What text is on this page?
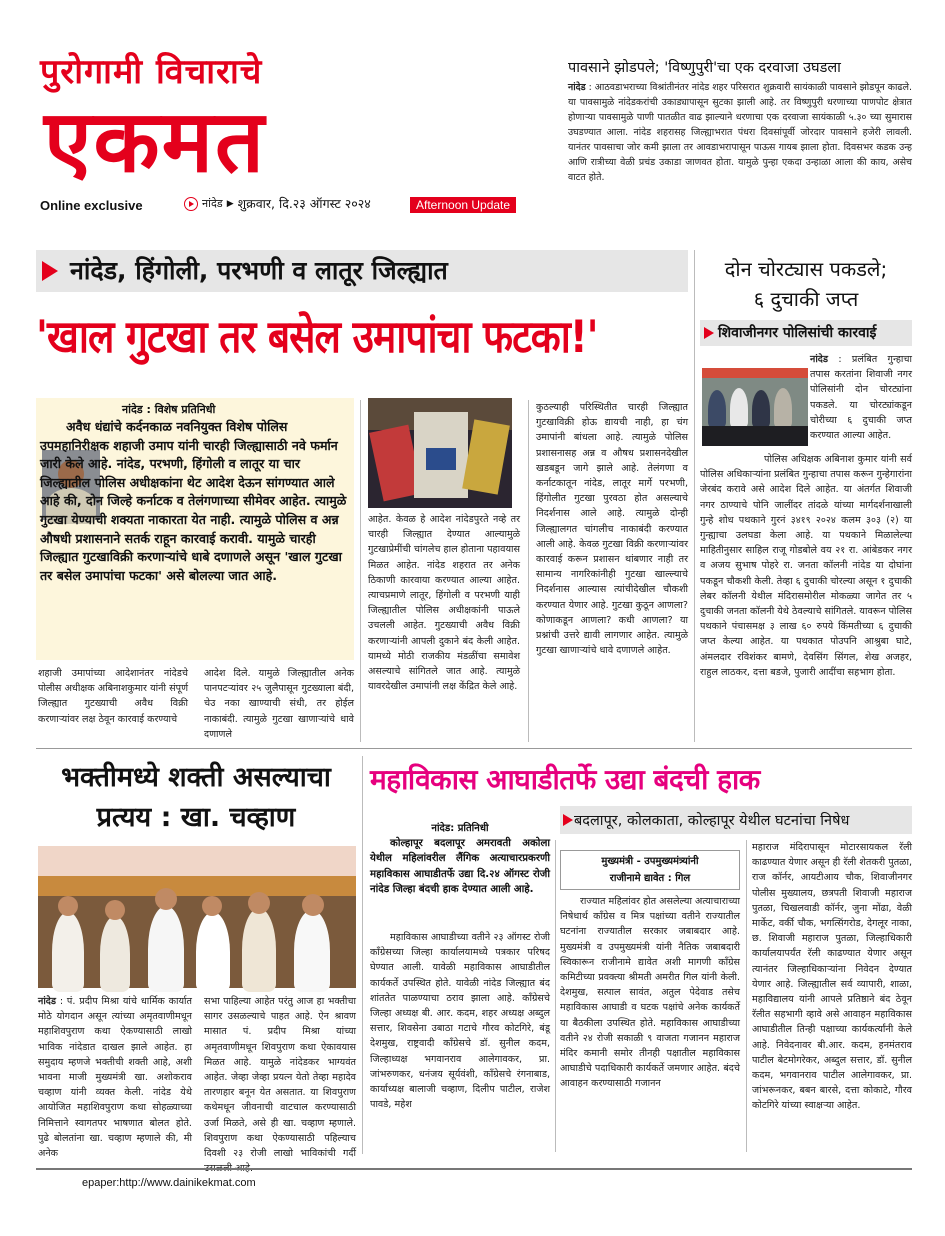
पुरोगामी विचाराचे
एकमत
Online exclusive	नांदेड ▶ शुक्रवार, दि.२३ ऑगस्ट २०२४	Afternoon Update
पावसाने झोडपले; 'विष्णुपुरी'चा एक दरवाजा उघडला
नांदेड : आठवडाभराच्या विश्रांतीनंतर नांदेड शहर परिसरात शुक्रवारी सायंकाळी पावसाने झोडपून काढले. या पावसामुळे नांदेडकरांची उकाड्यापासून सुटका झाली आहे. तर विष्णुपुरी धरणाच्या पाणपोट क्षेत्रात होणाऱ्या पावसामुळे पाणी पातळीत वाढ झाल्याने धरणाचा एक दरवाजा सायंकाळी ५.३० च्या सुमारास उघडण्यात आला. नांदेड शहरासह जिल्ह्याभरात पंधरा दिवसांपूर्वी जोरदार पावसाने हजेरी लावली. यानंतर पावसाचा जोर कमी झाला तर आवडाभरापासून पाऊस गायब झाला होता. दिवसभर कडक उन्ह आणि रात्रीच्या वेळी प्रचंड उकाडा जाणवत होता. यामुळे पुन्हा एकदा उन्हाळा आला की काय, असेच वाटत होते.
नांदेड, हिंगोली, परभणी व लातूर जिल्ह्यात
'खाल गुटखा तर बसेल उमापांचा फटका!'
नांदेड : विशेष प्रतिनिधी
अवैध धंद्यांचे कर्दनकाळ नवनियुक्त विशेष पोलिस उपमहानिरीक्षक शहाजी उमाप यांनी चारही जिल्ह्यासाठी नवे फर्मान जारी केले आहे. नांदेड, परभणी, हिंगोली व लातूर या चार जिल्ह्यातील पोलिस अधीक्षकांना थेट आदेश देऊन सांगण्यात आले आहे की, दोन जिल्हे कर्नाटक व तेलंगणाच्या सीमेवर आहेत. त्यामुळे गुटखा येण्याची शक्यता नाकारता येत नाही. त्यामुळे पोलिस व अन्न औषधी प्रशासनाने सतर्क राहून कारवाई करावी. यामुळे चारही जिल्ह्यात गुटखाविक्री करणाऱ्यांचे धाबे दणाणले असून 'खाल गुटखा तर बसेल उमापांचा फटका' असे बोलल्या जात आहे.
शहाजी उमापांच्या आदेशानंतर नांदेडचे पोलीस अधीक्षक अबिनाशकुमार यांनी संपूर्ण जिल्ह्यात गुटख्याची अवैध विक्री करणाऱ्यांवर लक्ष ठेवून कारवाई करण्याचे
आदेश दिले. यामुळे जिल्ह्यातील अनेक पानपटऱ्यांवर २५ जुलैपासून गुटख्याला बंदी, चेउ नका खाण्याची संधी, तर होईल नाकाबंदी. त्यामुळे गुटखा खाणाऱ्यांचे धावे दणाणले
आहेत. केवळ हे आदेश नांदेडपुरते नव्हे तर चारही जिल्ह्यात देण्यात आल्यामुळे गुटखाप्रेमींची चांगलेच हाल होताना पहावयास मिळत आहेत. नांदेड शहरात तर अनेक ठिकाणी कारवाया करण्यात आल्या आहेत. त्याचप्रमाणे लातूर, हिंगोली व परभणी याही जिल्ह्यातील पोलिस अधीक्षकांनी पाऊले उचलली आहेत. गुटख्याची अवैध विक्री करणाऱ्यांनी आपली दुकाने बंद केली आहेत. यामध्ये मोठी राजकीय मंडळींचा समावेश असल्याचे सांगितले जात आहे. त्यामुळे यावरदेखील उमापांनी लक्ष केंद्रित केले आहे.
कुठल्याही परिस्थितीत चारही जिल्ह्यात गुटखाविक्री होऊ द्यायची नाही, हा चंग उमापांनी बांधला आहे. त्यामुळे पोलिस प्रशासनासह अन्न व औषध प्रशासनदेखील खडबडून जागे झाले आहे. तेलंगणा व कर्नाटकातून नांदेड, लातूर मार्गे परभणी, हिंगोलीत गुटखा पुरवठा होत असल्याचे निदर्शनास आले आहे. त्यामुळे दोन्ही जिल्ह्यालगत चांगलीच नाकाबंदी करण्यात आली आहे. केवळ गुटखा विक्री करणाऱ्यांवर कारवाई करून प्रशासन थांबणार नाही तर सामान्य नागरिकांनीही गुटखा खाल्ल्याचे निदर्शनास आल्यास त्यांचीदेखील चौकशी करण्यात येणार आहे. गुटखा कुठून आणला? कोणाकडून आणला? कधी आणला? या प्रश्नांची उत्तरे द्यावी लागणार आहेत. त्यामुळे गुटखा खाणाऱ्यांचे धावे दणाणले आहेत.
दोन चोरट्यास पकडले;
६ दुचाकी जप्त
शिवाजीनगर पोलिसांची कारवाई
नांदेड : प्रलंबित गुन्हाचा तपास करतांना शिवाजी नगर पोलिसांनी दोन चोरट्यांना पकडले. या चोरट्यांकडून चोरीच्या ६ दुचाकी जप्त करण्यात आल्या आहेत.
पोलिस अधिक्षक अबिनाश कुमार यांनी सर्व पोलिस अधिकाऱ्यांना प्रलंबित गुन्हाचा तपास करून गुन्हेगारांना जेरबंद करावे असे आदेश दिले आहेत. या अंतर्गत शिवाजी नगर ठाण्याचे पोनि जालींदर तांदळे यांच्या मार्गदर्शनाखाली गुन्हे शोध पथकाने गुरनं ३४१९ २०२४ कलम ३०३ (२) या गुन्ह्याचा उलघडा केला आहे. या पथकाने मिळालेल्या माहितीनुसार साहिल राजू गोडबोले वय २१ रा. आंबेडकर नगर व अजय सुभाष पोहरे रा. जनता कॉलनी नांदेड या दोघांना पकडून चौकशी केली. तेव्हा ६ दुचाकी चोरल्या असून १ दुचाकी लेबर कॉलनी येथील मंदिरासमोरील मोकळ्या जागेत तर ५ दुचाकी जनता कॉलनी येथे ठेवल्याचे सांगितले. यावरून पोलिस पथकाने पंचासमक्ष ३ लाख ६० रुपये किंमतीच्या ६ दुचाकी जप्त केल्या आहेत. या पथकात पोउपनि आश्रुबा घाटे, अंमलदार रविशंकर बामणे, देवसिंग सिंगल, शेख अजहर, राहुल लाठकर, दत्ता बडजे, पुजारी आदींचा सहभाग होता.
भक्तीमध्ये शक्ती असल्याचा
प्रत्यय : खा. चव्हाण
नांदेड : पं. प्रदीप मिश्रा यांचे धार्मिक कार्यात मोठे योगदान असून त्यांच्या अमृतवाणीमधून महाशिवपुराण कथा ऐकण्यासाठी लाखो भाविक नांदेडात दाखल झाले आहेत. हा समुदाय म्हणजे भक्तीची शक्ती आहे, अशी भावना माजी मुख्यमंत्री खा. अशोकराव चव्हाण यांनी व्यक्त केली. नांदेड येथे आयोजित महाशिवपुराण कथा सोहळ्याच्या निमित्ताने स्वागतपर भाषणात बोलत होते. पुढे बोलतांना खा. चव्हाण म्हणाले की, मी अनेक
सभा पाहिल्या आहेत परंतु आज हा भक्तीचा सागर उसळल्याचे पाहत आहे. ऐन श्रावण मासात पं. प्रदीप मिश्रा यांच्या अमृतवाणीमधून शिवपुराण कथा ऐकावयास मिळत आहे. यामुळे नांदेडकर भाग्यवंत आहेत. जेव्हा जेव्हा प्रयत्न येतो तेव्हा महादेव तारणहार बनून येत असतात. या शिवपुराण कथेमधून जीवनाची वाटचाल करण्यासाठी उर्जा मिळते, असे ही खा. चव्हाण म्हणाले. शिवपुराण कथा ऐकण्यासाठी पहिल्याच दिवशी २३ रोजी लाखो भाविकांची गर्दी
महाविकास आघाडीतर्फे उद्या बंदची हाक
बदलापूर, कोलकाता, कोल्हापूर येथील घटनांचा निषेध
नांदेड: प्रतिनिधी
कोल्हापूर बदलापूर अमरावती अकोला येथील महिलांवरील लैंगिक अत्याचारप्रकरणी महाविकास आघाडीतर्फे उद्या दि.२४ ऑगस्ट रोजी नांदेड जिल्हा बंदची हाक देण्यात आली आहे.
महाविकास आघाडीच्या वतीने २३ ऑगस्ट रोजी काँग्रेसच्या जिल्हा कार्यालयामध्ये पत्रकार परिषद घेण्यात आली. यावेळी महाविकास आघाडीतील कार्यकर्ते उपस्थित होते. यावेळी नांदेड जिल्ह्यात बंद शांततेत पाळण्याचा ठराव झाला आहे. काँग्रेसचे जिल्हा अध्यक्ष बी. आर. कदम, शहर अध्यक्ष अब्दुल सत्तार, शिवसेना उबाठा गटाचे गौरव कोटगिरे, बंडू देशमुख, राष्ट्रवादी काँग्रेसचे डॉ. सुनील कदम, जिल्हाध्यक्ष भगवानराव आलेगावकर, प्रा. जांभरुणकर, धनंजय सूर्यवंशी, काँग्रेसचे रंगनाबाड, कार्याध्यक्ष बालाजी चव्हाण, दिलीप पाटील, राजेश पावडे, महेश
मुख्यमंत्री - उपमुख्यमंत्र्यांनी
राजीनामे द्यावेत : गिल
राज्यात महिलांवर होत असलेल्या अत्याचाराच्या निषेधार्थ काँग्रेस व मित्र पक्षांच्या वतीने राज्यातील घटनांना राज्यातील सरकार जबाबदार आहे. मुख्यमंत्री व उपमुख्यमंत्री यांनी नैतिक जबाबदारी स्विकारून राजीनामे द्यावेत अशी मागणी काँग्रेस कमिटीच्या प्रवक्त्या श्रीमती अमरीत गिल यांनी केली. देशमुख, सत्पाल सावंत, अतुल पेदेवाड तसेच महाविकास आघाडी व घटक पक्षांचे अनेक कार्यकर्ते या बैठकीला उपस्थित होते. महाविकास आघाडीच्या वतीने २४ रोजी सकाळी ९ वाजता गजानन महाराज मंदिर कमानी समोर तीनही पक्षातील महाविकास आघाडीचे पदाधिकारी कार्यकर्ते जमणार आहेत. बंदचे आवाहन करण्यासाठी गजानन
महाराज मंदिरापासून मोटारसायकल रॅली काढण्यात येणार असून ही रॅली शेतकरी पुतळा, राज कॉर्नर, आयटीआय चौक, शिवाजीनगर पोलीस मुख्यालय, छत्रपती शिवाजी महाराज पुतळा, चिखलवाडी कॉर्नर, जुना मोंढा, वेळी मार्केट, वर्की चौक, भगत्सिंगरोड, देगलूर नाका, छ. शिवाजी महाराज पुतळा, जिल्हाधिकारी कार्यालयापर्यंत रॅली काढण्यात येणार असून त्यानंतर जिल्हाधिकाऱ्यांना निवेदन देण्यात येणार आहे. जिल्ह्यातील सर्व व्यापारी, शाळा, महाविद्यालय यांनी आपले प्रतिष्ठाने बंद ठेवून रॅलीत सहभागी व्हावे असे आवाहन महाविकास आघाडीतील तिन्ही पक्षाच्या कार्यकर्त्यांनी केले आहे. निवेदनावर बी.आर. कदम, हनमंतराव पाटील बेटमोगरेकर, अब्दुल सत्तार, डॉ. सुनील कदम, भगवानराव पाटील आलेगावकर, प्रा. जांभरूनकर, बबन बारसे, दत्ता कोकाटे, गौरव कोटगिरे यांच्या स्वाक्षऱ्या आहेत.
epaper:http://www.dainikekmat.com
